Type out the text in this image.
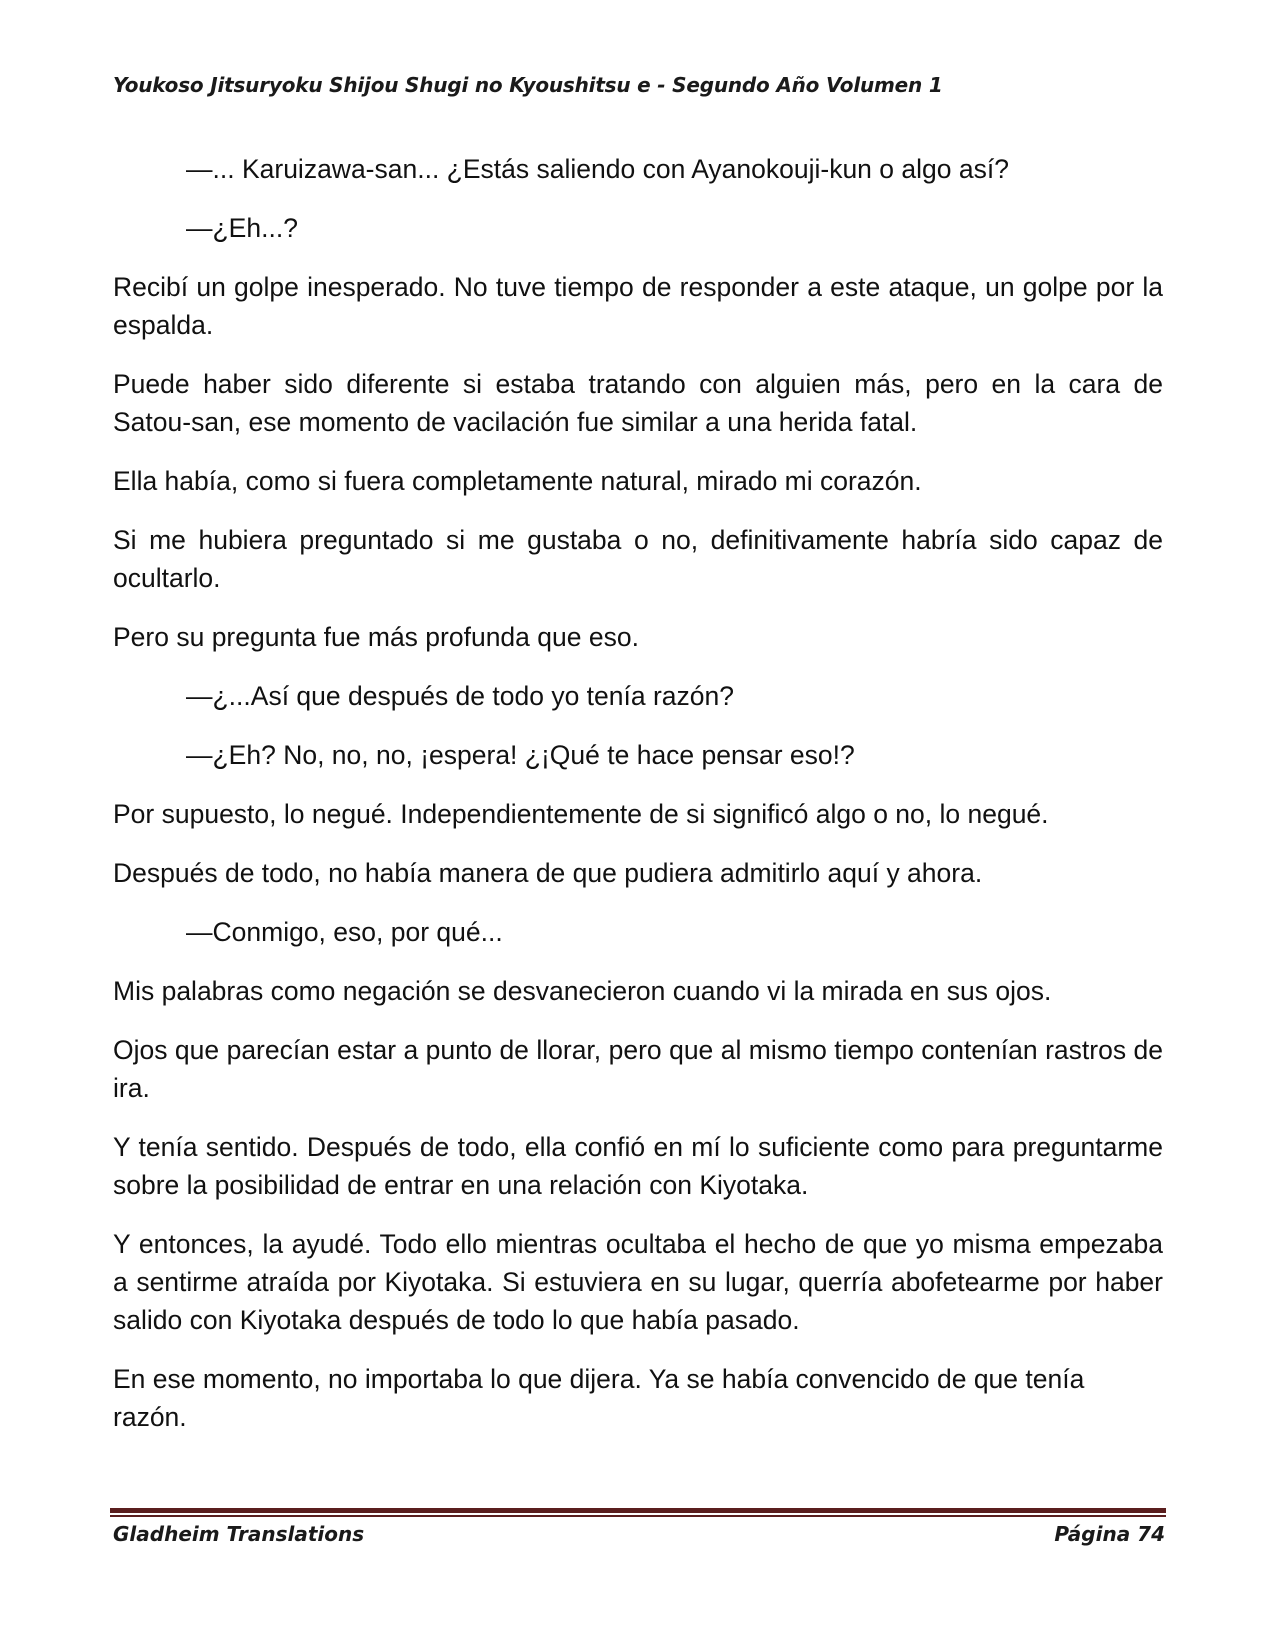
Youkoso Jitsuryoku Shijou Shugi no Kyoushitsu e - Segundo Año Volumen 1

—... Karuizawa-san... ¿Estás saliendo con Ayanokouji-kun o algo así?

—¿Eh...?

Recibí un golpe inesperado. No tuve tiempo de responder a este ataque, un golpe por la espalda.

Puede haber sido diferente si estaba tratando con alguien más, pero en la cara de Satou-san, ese momento de vacilación fue similar a una herida fatal.

Ella había, como si fuera completamente natural, mirado mi corazón.

Si me hubiera preguntado si me gustaba o no, definitivamente habría sido capaz de ocultarlo.

Pero su pregunta fue más profunda que eso.

—¿...Así que después de todo yo tenía razón?

—¿Eh? No, no, no, ¡espera! ¿¡Qué te hace pensar eso!?

Por supuesto, lo negué. Independientemente de si significó algo o no, lo negué.

Después de todo, no había manera de que pudiera admitirlo aquí y ahora.

—Conmigo, eso, por qué...

Mis palabras como negación se desvanecieron cuando vi la mirada en sus ojos.

Ojos que parecían estar a punto de llorar, pero que al mismo tiempo contenían rastros de ira.

Y tenía sentido. Después de todo, ella confió en mí lo suficiente como para preguntarme sobre la posibilidad de entrar en una relación con Kiyotaka.

Y entonces, la ayudé. Todo ello mientras ocultaba el hecho de que yo misma empezaba a sentirme atraída por Kiyotaka. Si estuviera en su lugar, querría abofetearme por haber salido con Kiyotaka después de todo lo que había pasado.

En ese momento, no importaba lo que dijera. Ya se había convencido de que tenía razón.

Gladheim Translations	Página 74
